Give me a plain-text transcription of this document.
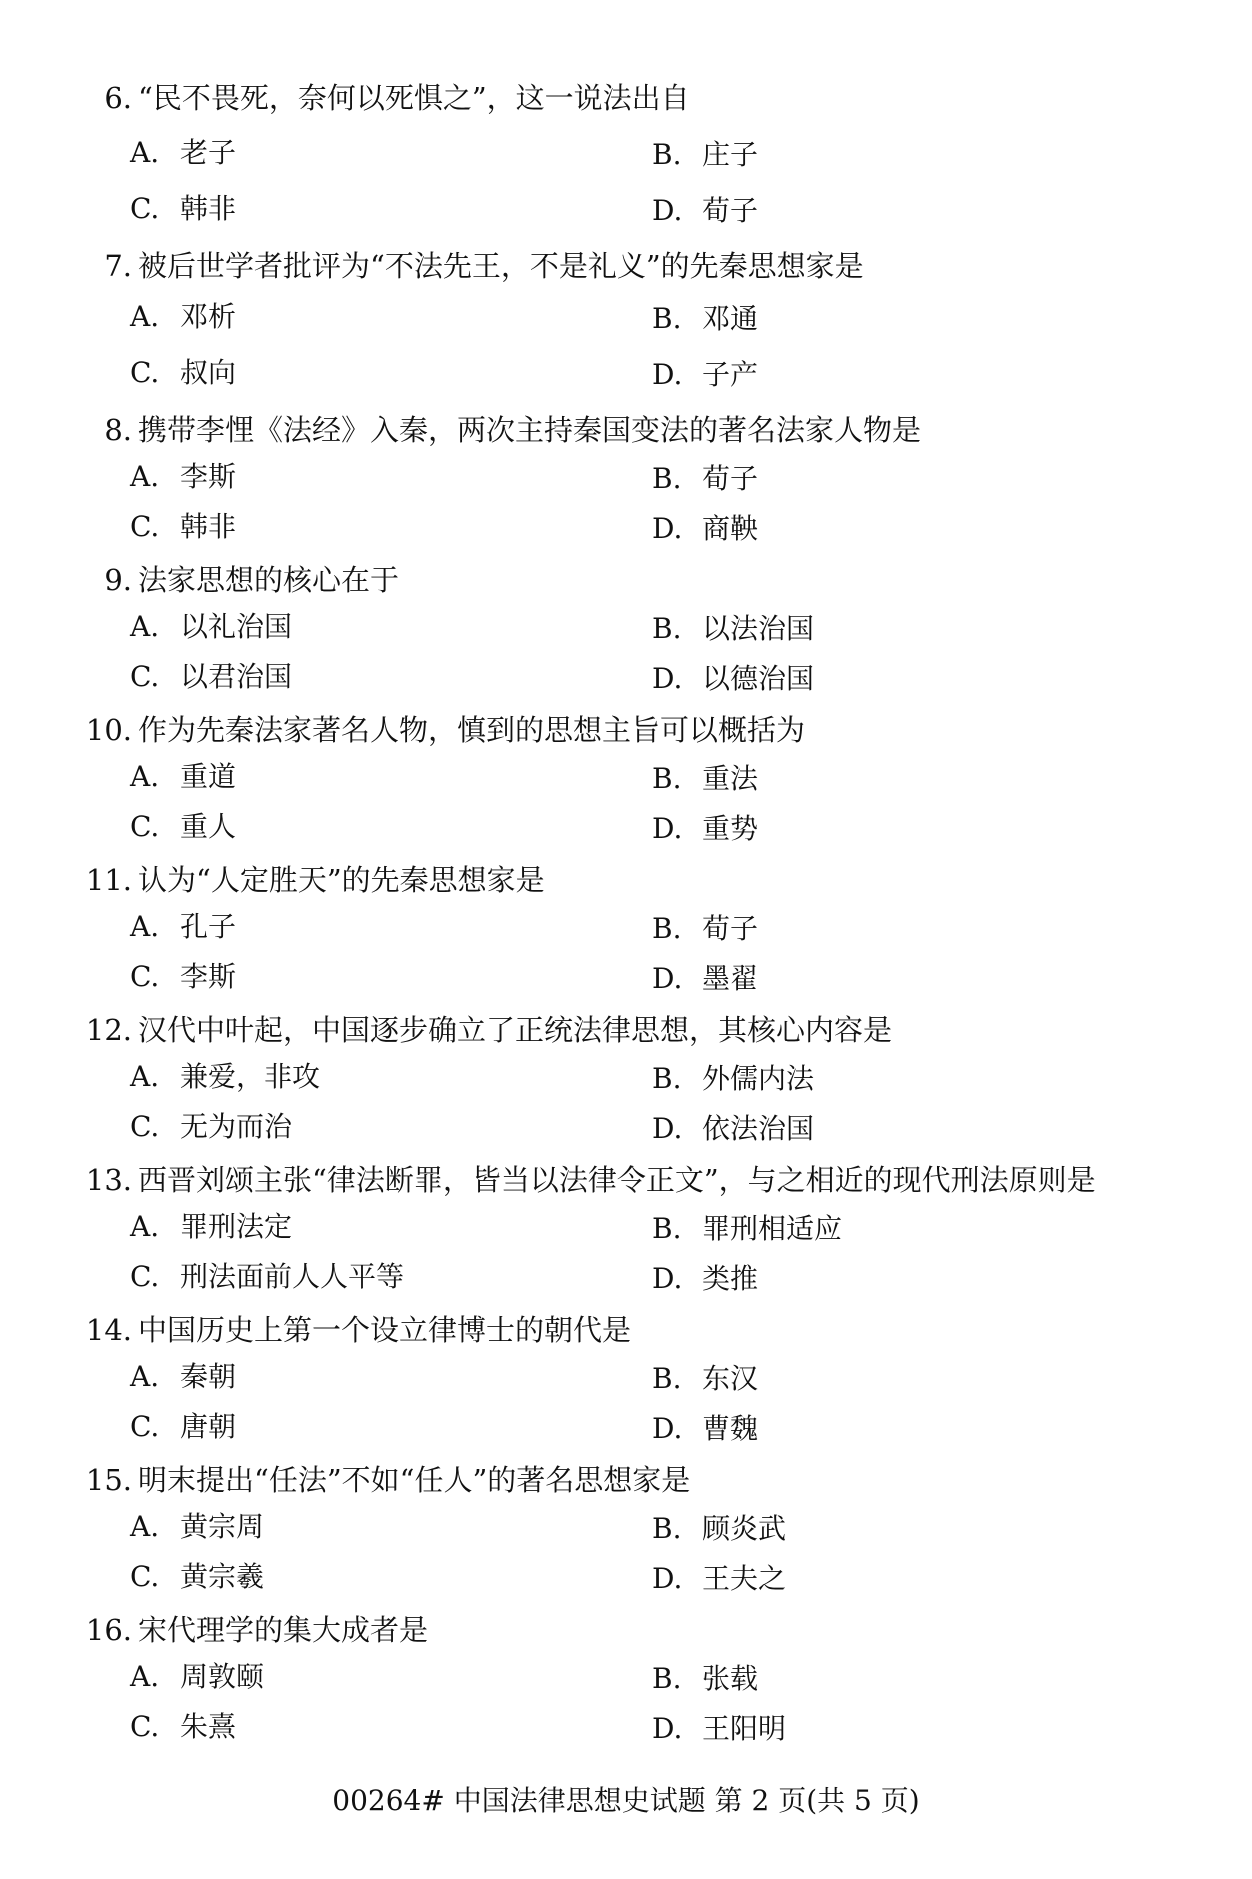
6. “民不畏死，奈何以死惧之”，这一说法出自
A. 老子	B. 庄子
C. 韩非	D. 荀子
7. 被后世学者批评为“不法先王，不是礼义”的先秦思想家是
A. 邓析	B. 邓通
C. 叔向	D. 子产
8. 携带李悝《法经》入秦，两次主持秦国变法的著名法家人物是
A. 李斯	B. 荀子
C. 韩非	D. 商鞅
9. 法家思想的核心在于
A. 以礼治国	B. 以法治国
C. 以君治国	D. 以德治国
10. 作为先秦法家著名人物，慎到的思想主旨可以概括为
A. 重道	B. 重法
C. 重人	D. 重势
11. 认为“人定胜天”的先秦思想家是
A. 孔子	B. 荀子
C. 李斯	D. 墨翟
12. 汉代中叶起，中国逐步确立了正统法律思想，其核心内容是
A. 兼爱，非攻	B. 外儒内法
C. 无为而治	D. 依法治国
13. 西晋刘颂主张“律法断罪，皆当以法律令正文”，与之相近的现代刑法原则是
A. 罪刑法定	B. 罪刑相适应
C. 刑法面前人人平等	D. 类推
14. 中国历史上第一个设立律博士的朝代是
A. 秦朝	B. 东汉
C. 唐朝	D. 曹魏
15. 明末提出“任法”不如“任人”的著名思想家是
A. 黄宗周	B. 顾炎武
C. 黄宗羲	D. 王夫之
16. 宋代理学的集大成者是
A. 周敦颐	B. 张载
C. 朱熹	D. 王阳明
00264# 中国法律思想史试题 第 2 页(共 5 页)
